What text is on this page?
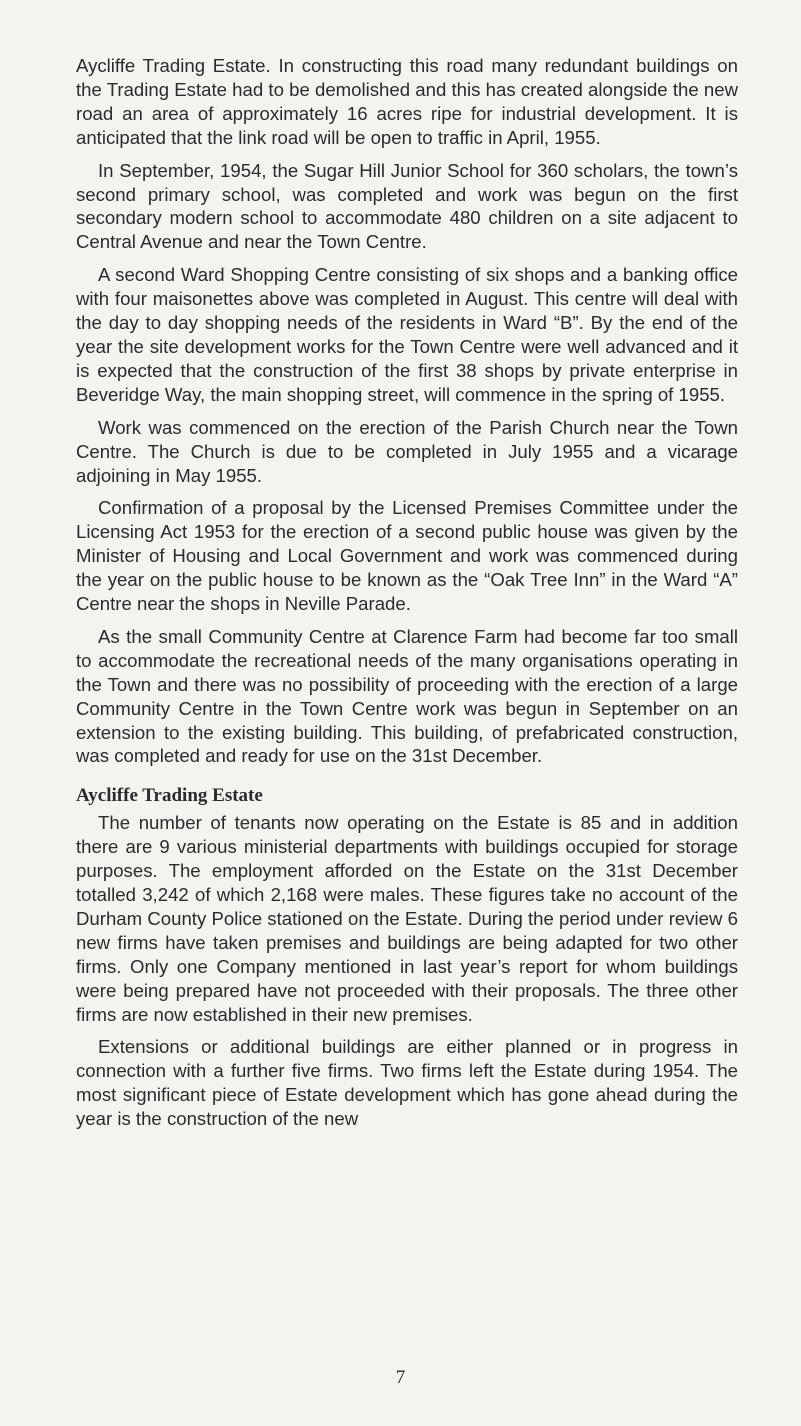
Aycliffe Trading Estate. In constructing this road many redundant buildings on the Trading Estate had to be demolished and this has created alongside the new road an area of approximately 16 acres ripe for industrial development. It is anticipated that the link road will be open to traffic in April, 1955.

In September, 1954, the Sugar Hill Junior School for 360 scholars, the town’s second primary school, was completed and work was begun on the first secondary modern school to accommodate 480 children on a site adjacent to Central Avenue and near the Town Centre.

A second Ward Shopping Centre consisting of six shops and a banking office with four maisonettes above was completed in August. This centre will deal with the day to day shopping needs of the residents in Ward “B”. By the end of the year the site development works for the Town Centre were well advanced and it is expected that the construction of the first 38 shops by private enterprise in Beveridge Way, the main shopping street, will commence in the spring of 1955.

Work was commenced on the erection of the Parish Church near the Town Centre. The Church is due to be completed in July 1955 and a vicarage adjoining in May 1955.

Confirmation of a proposal by the Licensed Premises Committee under the Licensing Act 1953 for the erection of a second public house was given by the Minister of Housing and Local Government and work was commenced during the year on the public house to be known as the “Oak Tree Inn” in the Ward “A” Centre near the shops in Neville Parade.

As the small Community Centre at Clarence Farm had become far too small to accommodate the recreational needs of the many organisations operating in the Town and there was no possibility of proceeding with the erection of a large Community Centre in the Town Centre work was begun in September on an extension to the existing building. This building, of prefabricated construction, was completed and ready for use on the 31st December.

Aycliffe Trading Estate

The number of tenants now operating on the Estate is 85 and in addition there are 9 various ministerial departments with buildings occupied for storage purposes. The employment afforded on the Estate on the 31st December totalled 3,242 of which 2,168 were males. These figures take no account of the Durham County Police stationed on the Estate. During the period under review 6 new firms have taken premises and buildings are being adapted for two other firms. Only one Company mentioned in last year’s report for whom buildings were being prepared have not proceeded with their proposals. The three other firms are now established in their new premises.

Extensions or additional buildings are either planned or in progress in connection with a further five firms. Two firms left the Estate during 1954. The most significant piece of Estate development which has gone ahead during the year is the construction of the new

7
